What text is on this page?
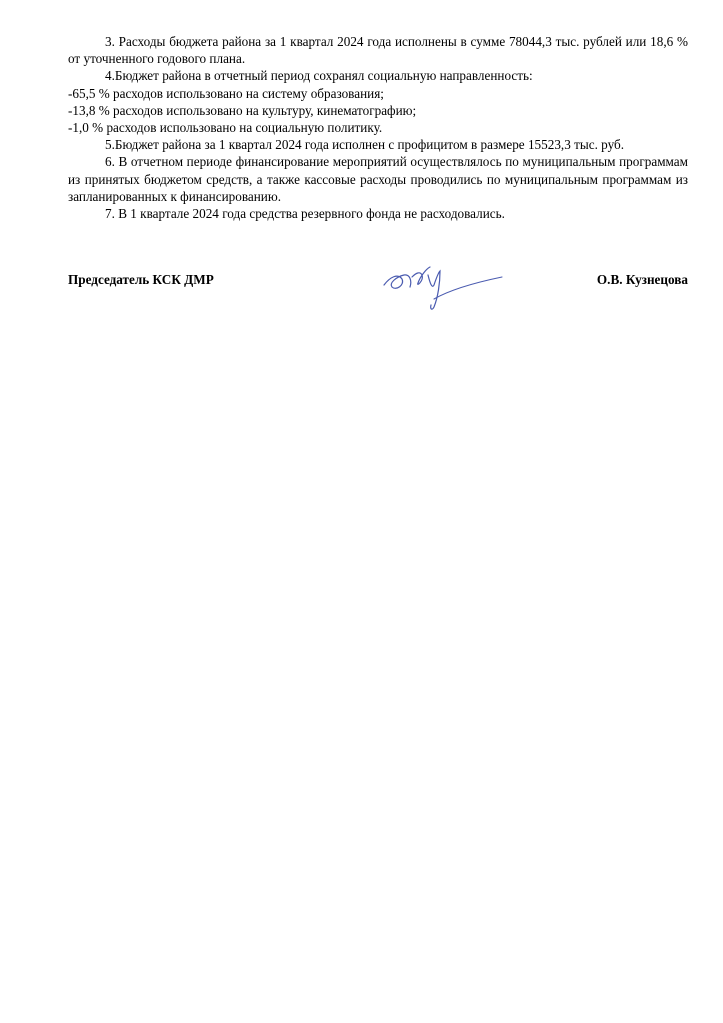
3. Расходы бюджета района за 1 квартал 2024 года исполнены в сумме 78044,3 тыс. рублей или 18,6 % от уточненного годового плана.

4.Бюджет района в отчетный период сохранял социальную направленность:

-65,5 % расходов использовано на систему образования;

-13,8 % расходов использовано на культуру, кинематографию;

-1,0 % расходов использовано на социальную политику.

5.Бюджет района за 1 квартал 2024 года исполнен с профицитом в размере 15523,3 тыс. руб.

6. В отчетном периоде финансирование мероприятий осуществлялось по муниципальным программам из принятых бюджетом средств, а также кассовые расходы проводились по муниципальным программам из запланированных к финансированию.

7. В 1 квартале 2024 года средства резервного фонда не расходовались.

Председатель КСК ДМР	О.В. Кузнецова
